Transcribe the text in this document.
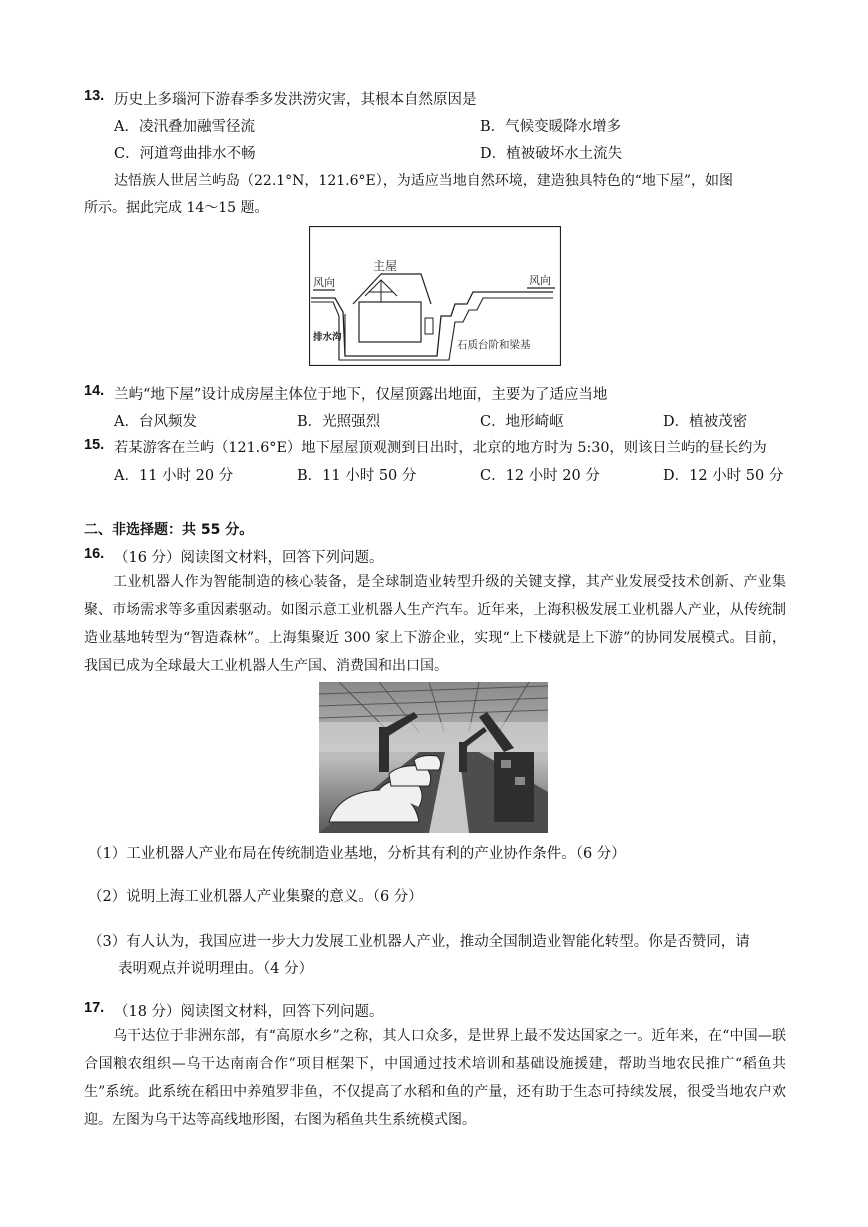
13. 历史上多瑙河下游春季多发洪涝灾害，其根本自然原因是
A．凌汛叠加融雪径流	B．气候变暖降水增多
C．河道弯曲排水不畅	D．植被破坏水土流失
达悟族人世居兰屿岛（22.1°N，121.6°E），为适应当地自然环境，建造独具特色的“地下屋”，如图
所示。据此完成 14～15 题。
风向	风向
主屋
排水沟
石质台阶和梁基
14. 兰屿“地下屋”设计成房屋主体位于地下，仅屋顶露出地面，主要为了适应当地
A．台风频发	B．光照强烈	C．地形崎岖	D．植被茂密
15. 若某游客在兰屿（121.6°E）地下屋屋顶观测到日出时，北京的地方时为 5:30，则该日兰屿的昼长约为
A．11 小时 20 分	B．11 小时 50 分	C．12 小时 20 分	D．12 小时 50 分
二、非选择题：共 55 分。
16. （16 分）阅读图文材料，回答下列问题。
工业机器人作为智能制造的核心装备，是全球制造业转型升级的关键支撑，其产业发展受技术创新、产业集聚、市场需求等多重因素驱动。如图示意工业机器人生产汽车。近年来，上海积极发展工业机器人产业，从传统制造业基地转型为“智造森林”。上海集聚近 300 家上下游企业，实现“上下楼就是上下游”的协同发展模式。目前，我国已成为全球最大工业机器人生产国、消费国和出口国。
（1）工业机器人产业布局在传统制造业基地，分析其有利的产业协作条件。（6 分）
（2）说明上海工业机器人产业集聚的意义。（6 分）
（3）有人认为，我国应进一步大力发展工业机器人产业，推动全国制造业智能化转型。你是否赞同，请
表明观点并说明理由。（4 分）
17. （18 分）阅读图文材料，回答下列问题。
乌干达位于非洲东部，有“高原水乡”之称，其人口众多，是世界上最不发达国家之一。近年来，在“中国—联合国粮农组织—乌干达南南合作”项目框架下，中国通过技术培训和基础设施援建，帮助当地农民推广“稻鱼共生”系统。此系统在稻田中养殖罗非鱼，不仅提高了水稻和鱼的产量，还有助于生态可持续发展，很受当地农户欢迎。左图为乌干达等高线地形图，右图为稻鱼共生系统模式图。
